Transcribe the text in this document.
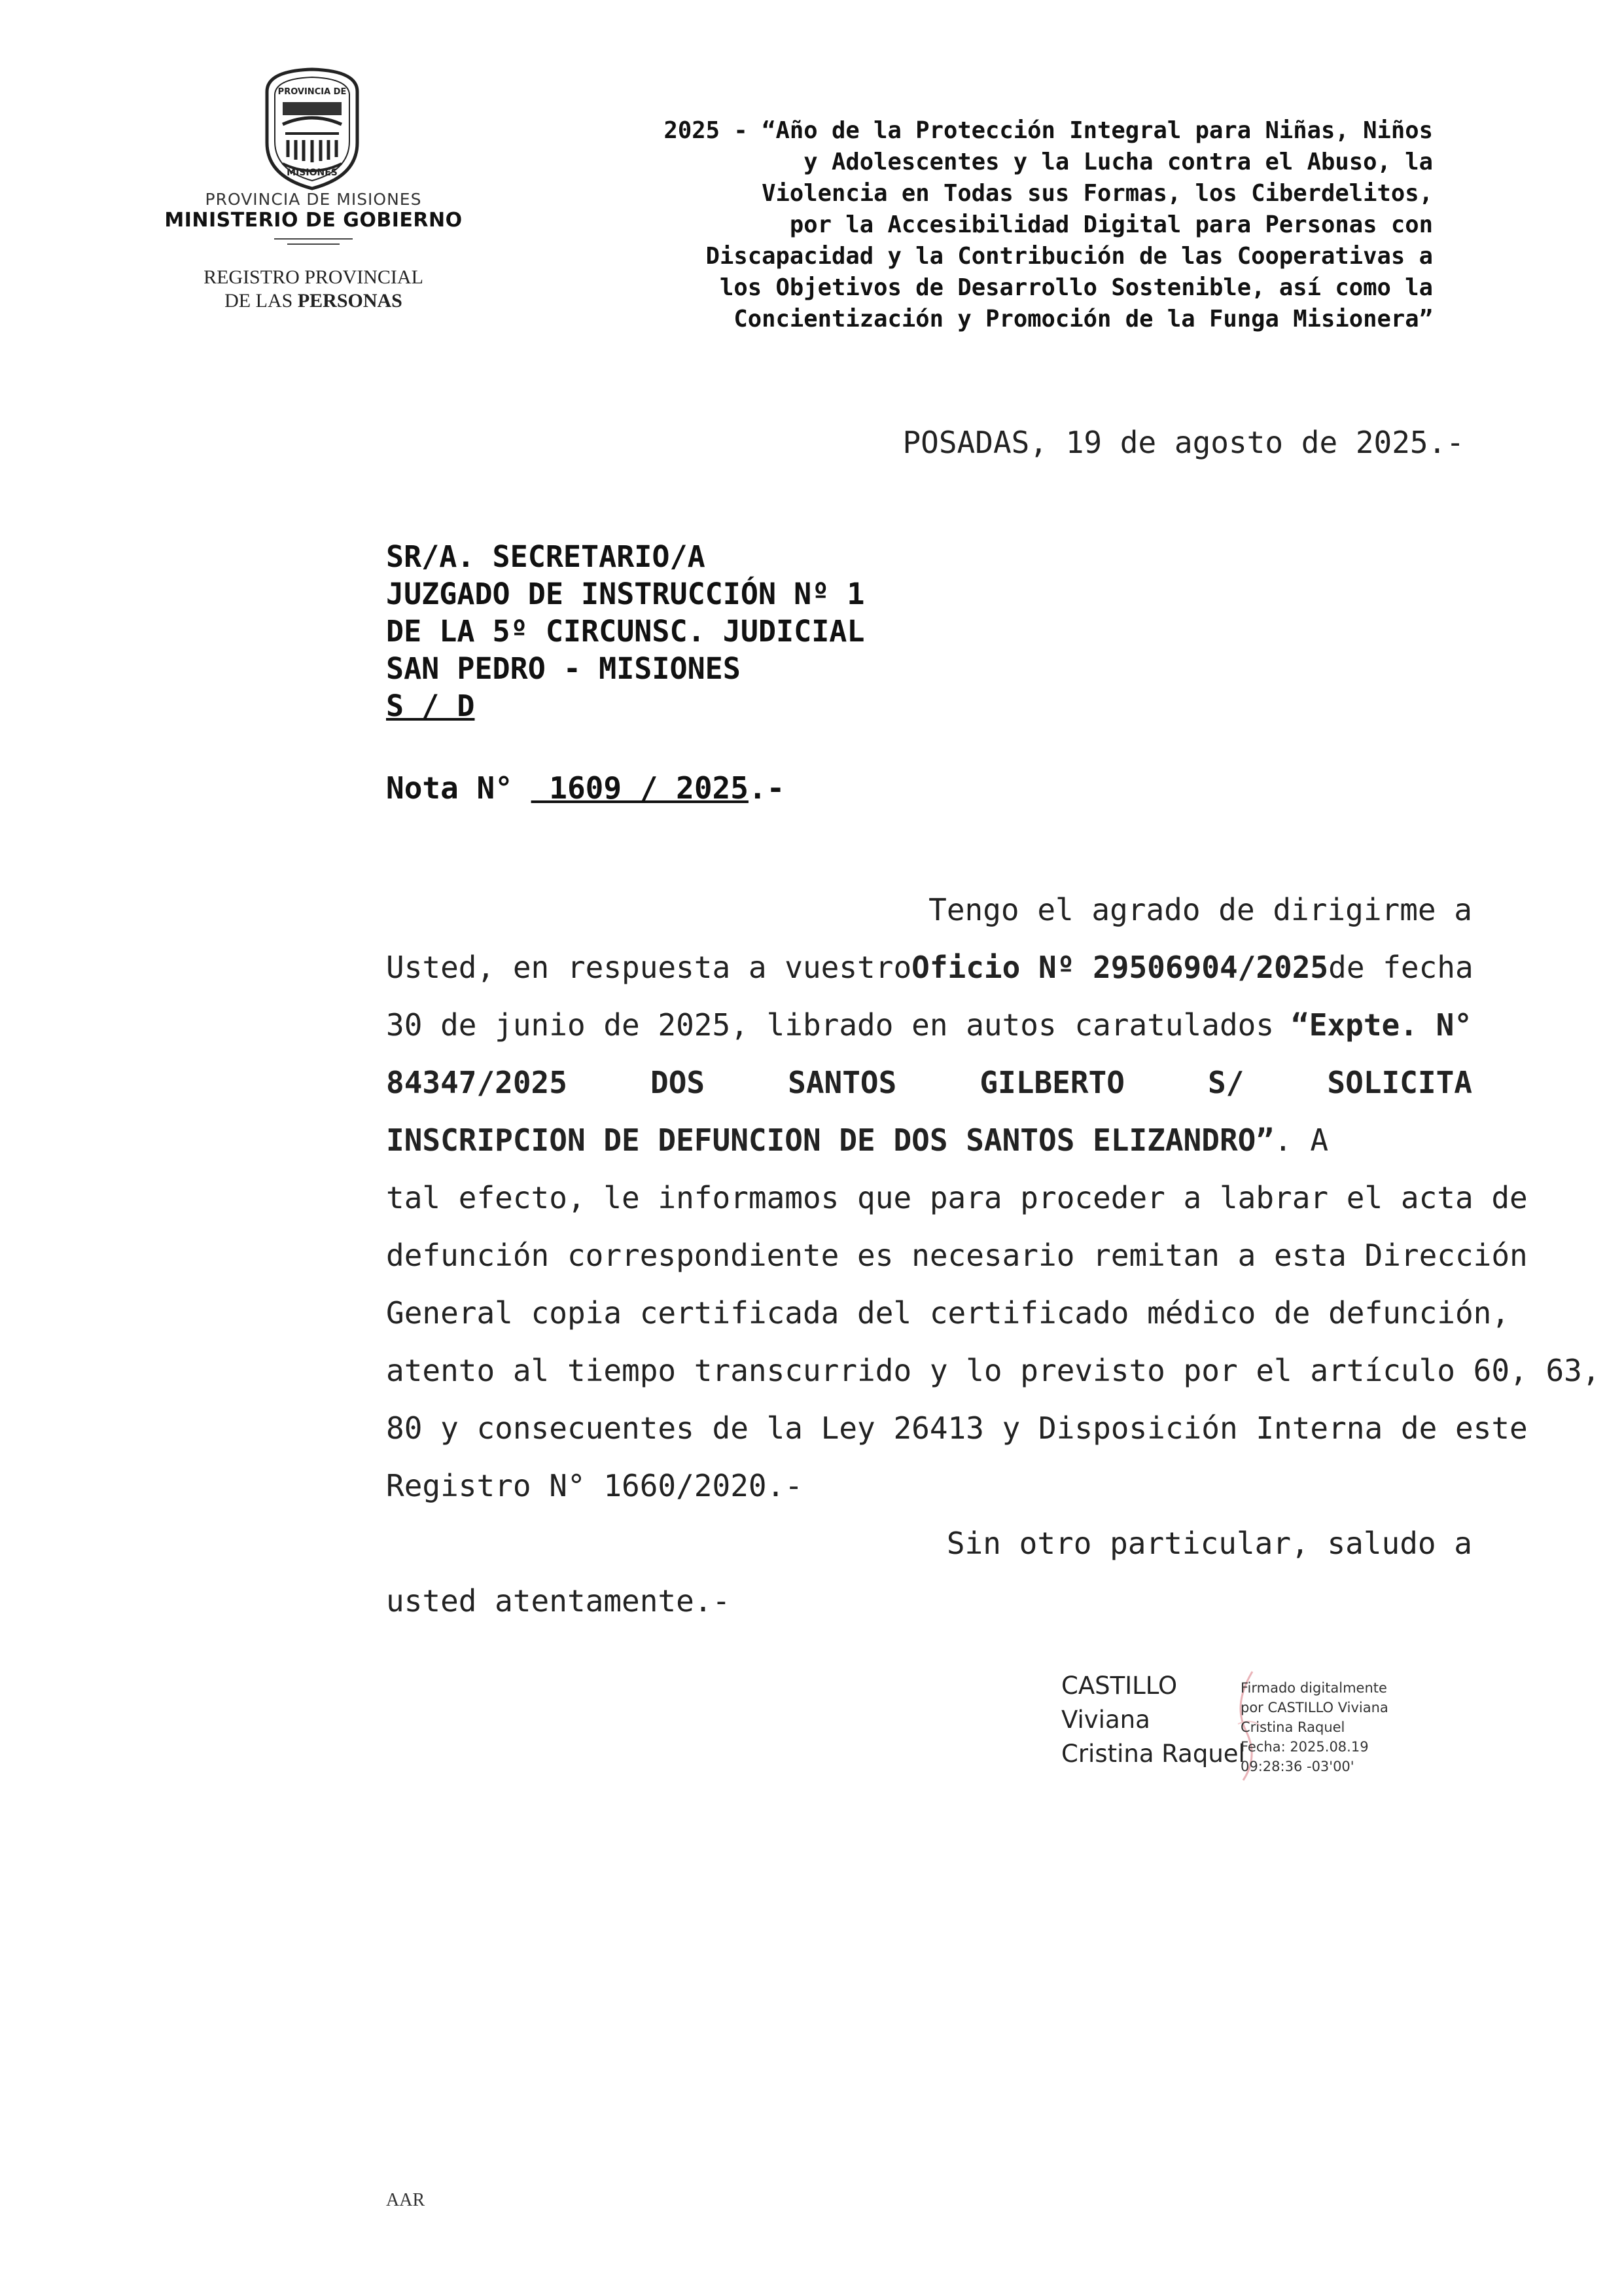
PROVINCIA DE
MISIONES
PROVINCIA DE MISIONES
MINISTERIO DE GOBIERNO
REGISTRO PROVINCIAL
DE LAS PERSONAS
2025 - “Año de la Protección Integral para Niñas, Niños
y Adolescentes y la Lucha contra el Abuso, la
Violencia en Todas sus Formas, los Ciberdelitos,
por la Accesibilidad Digital para Personas con
Discapacidad y la Contribución de las Cooperativas a
los Objetivos de Desarrollo Sostenible, así como la
Concientización y Promoción de la Funga Misionera”
POSADAS, 19 de agosto de 2025.-
SR/A. SECRETARIO/A
JUZGADO DE INSTRUCCIÓN Nº 1
DE LA 5º CIRCUNSC. JUDICIAL
SAN PEDRO - MISIONES
S / D
Nota N°  1609 / 2025.-
Tengo el agrado de dirigirme a
Usted, en respuesta a vuestro Oficio Nº 29506904/2025 de fecha
30 de junio de 2025, librado en autos caratulados “Expte. N°
84347/2025	DOS	SANTOS	GILBERTO	S/	SOLICITA
INSCRIPCION DE DEFUNCION DE DOS SANTOS ELIZANDRO” . A
tal efecto, le informamos que para proceder a labrar el acta de
defunción correspondiente es necesario remitan a esta Dirección
General copia certificada del certificado médico de defunción,
atento al tiempo transcurrido y lo previsto por el artículo 60, 63,
80 y consecuentes de la Ley 26413 y Disposición Interna de este
Registro N° 1660/2020.-
Sin otro particular, saludo a
usted atentamente.-
CASTILLO
Viviana
Cristina Raquel
Firmado digitalmente
por CASTILLO Viviana
Cristina Raquel
Fecha: 2025.08.19
09:28:36 -03'00'
AAR
